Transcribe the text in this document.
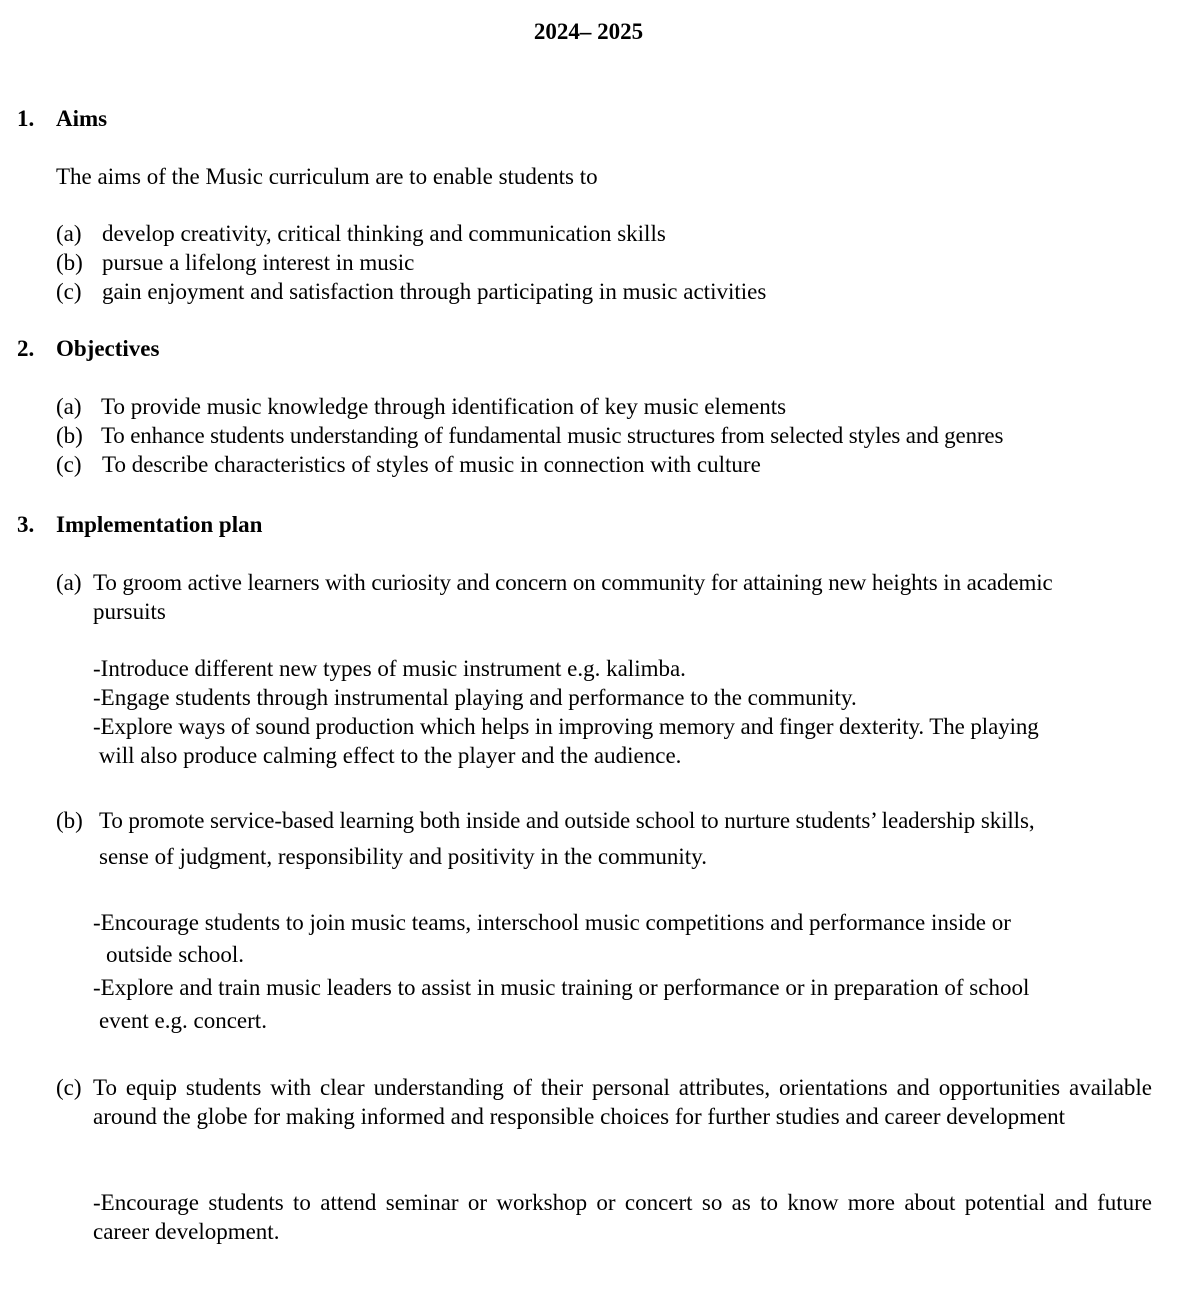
2024– 2025
1. Aims
The aims of the Music curriculum are to enable students to
(a) develop creativity, critical thinking and communication skills
(b) pursue a lifelong interest in music
(c) gain enjoyment and satisfaction through participating in music activities
2. Objectives
(a) To provide music knowledge through identification of key music elements
(b) To enhance students understanding of fundamental music structures from selected styles and genres
(c) To describe characteristics of styles of music in connection with culture
3. Implementation plan
(a) To groom active learners with curiosity and concern on community for attaining new heights in academic
pursuits
-Introduce different new types of music instrument e.g. kalimba.
-Engage students through instrumental playing and performance to the community.
-Explore ways of sound production which helps in improving memory and finger dexterity. The playing
will also produce calming effect to the player and the audience.
(b) To promote service-based learning both inside and outside school to nurture students’ leadership skills,
sense of judgment, responsibility and positivity in the community.
-Encourage students to join music teams, interschool music competitions and performance inside or
outside school.
-Explore and train music leaders to assist in music training or performance or in preparation of school
event e.g. concert.
(c) To equip students with clear understanding of their personal attributes, orientations and opportunities available around the globe for making informed and responsible choices for further studies and career development
-Encourage students to attend seminar or workshop or concert so as to know more about potential and future career development.
